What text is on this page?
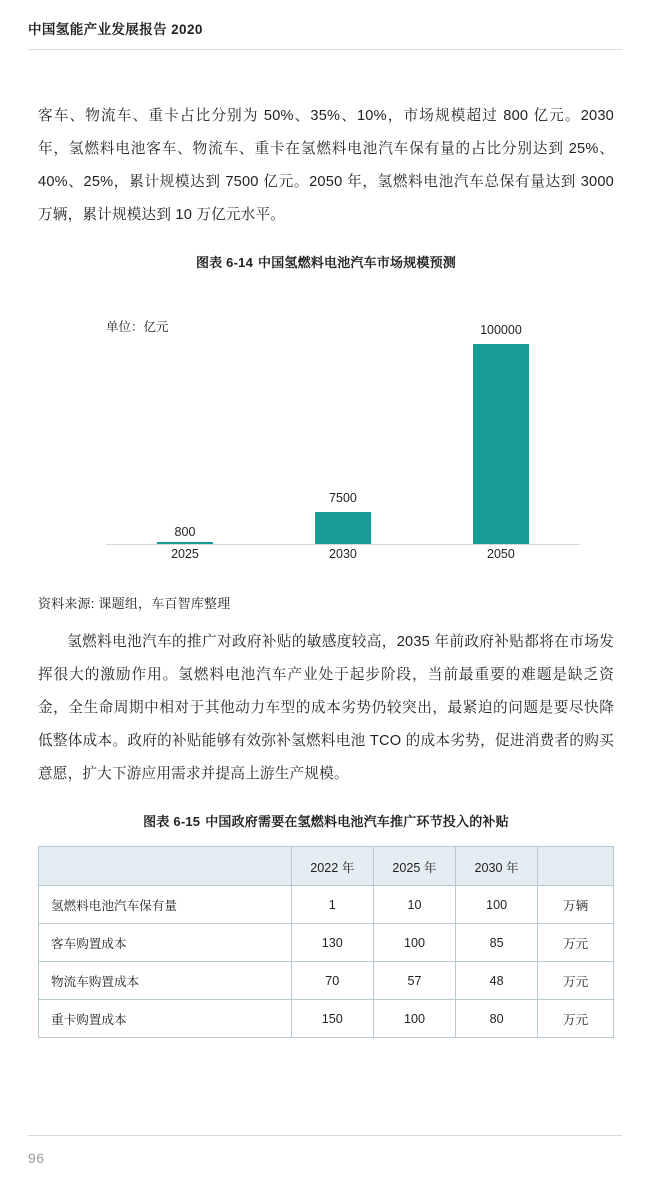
中国氢能产业发展报告 2020

客车、物流车、重卡占比分别为 50%、35%、10%，市场规模超过 800 亿元。2030 年，氢燃料电池客车、物流车、重卡在氢燃料电池汽车保有量的占比分别达到 25%、40%、25%，累计规模达到 7500 亿元。2050 年，氢燃料电池汽车总保有量达到 3000 万辆，累计规模达到 10 万亿元水平。

图表 6-14 中国氢燃料电池汽车市场规模预测
单位：亿元
800
7500
100000
2025	2030	2050
资料来源: 课题组，车百智库整理

氢燃料电池汽车的推广对政府补贴的敏感度较高，2035 年前政府补贴都将在市场发挥很大的激励作用。氢燃料电池汽车产业处于起步阶段，当前最重要的难题是缺乏资金，全生命周期中相对于其他动力车型的成本劣势仍较突出，最紧迫的问题是要尽快降低整体成本。政府的补贴能够有效弥补氢燃料电池 TCO 的成本劣势，促进消费者的购买意愿，扩大下游应用需求并提高上游生产规模。

图表 6-15 中国政府需要在氢燃料电池汽车推广环节投入的补贴
	2022 年	2025 年	2030 年	
氢燃料电池汽车保有量	1	10	100	万辆
客车购置成本	130	100	85	万元
物流车购置成本	70	57	48	万元
重卡购置成本	150	100	80	万元
96
